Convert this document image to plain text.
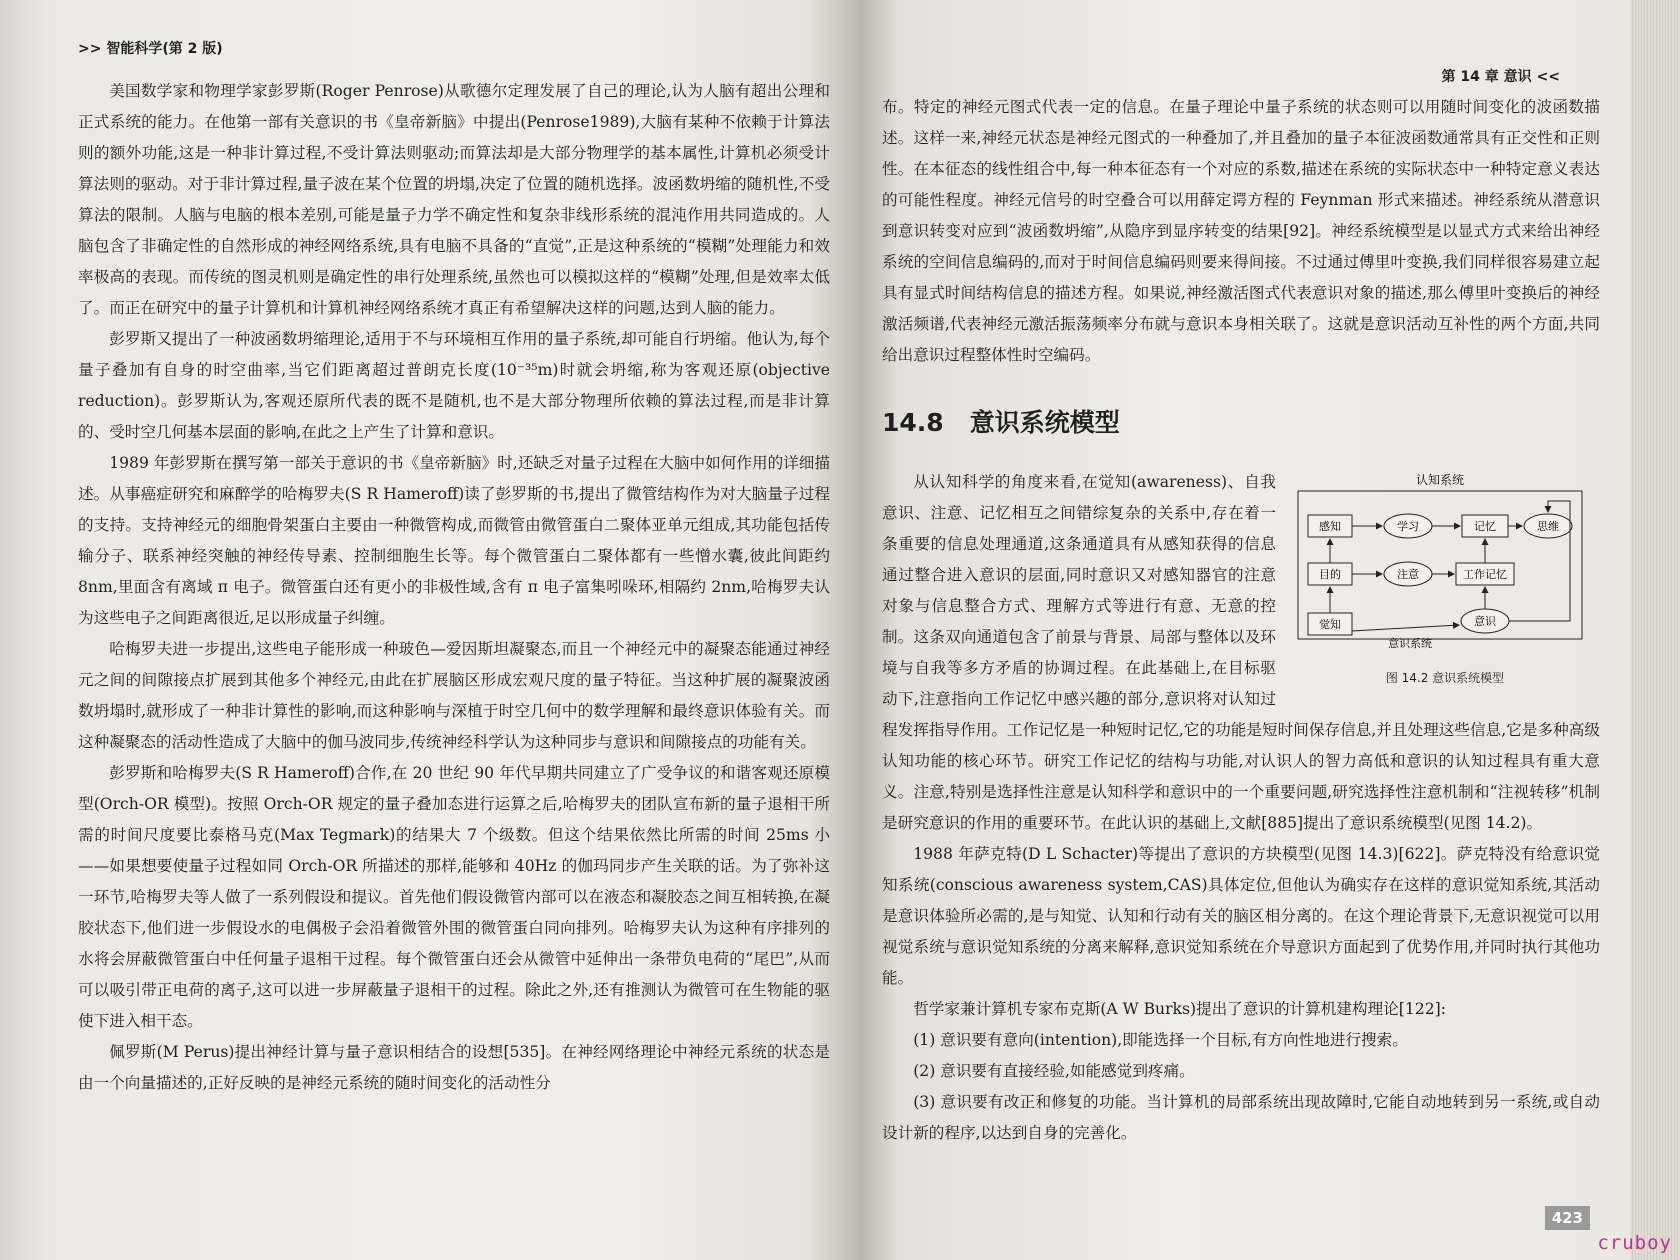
>> 智能科学(第 2 版)

美国数学家和物理学家彭罗斯(Roger Penrose)从歌德尔定理发展了自己的理论,认为人脑有超出公理和正式系统的能力。在他第一部有关意识的书《皇帝新脑》中提出(Penrose1989),大脑有某种不依赖于计算法则的额外功能,这是一种非计算过程,不受计算法则驱动;而算法却是大部分物理学的基本属性,计算机必须受计算法则的驱动。对于非计算过程,量子波在某个位置的坍塌,决定了位置的随机选择。波函数坍缩的随机性,不受算法的限制。人脑与电脑的根本差别,可能是量子力学不确定性和复杂非线形系统的混沌作用共同造成的。人脑包含了非确定性的自然形成的神经网络系统,具有电脑不具备的“直觉”,正是这种系统的“模糊”处理能力和效率极高的表现。而传统的图灵机则是确定性的串行处理系统,虽然也可以模拟这样的“模糊”处理,但是效率太低了。而正在研究中的量子计算机和计算机神经网络系统才真正有希望解决这样的问题,达到人脑的能力。

彭罗斯又提出了一种波函数坍缩理论,适用于不与环境相互作用的量子系统,却可能自行坍缩。他认为,每个量子叠加有自身的时空曲率,当它们距离超过普朗克长度(10⁻³⁵m)时就会坍缩,称为客观还原(objective reduction)。彭罗斯认为,客观还原所代表的既不是随机,也不是大部分物理所依赖的算法过程,而是非计算的、受时空几何基本层面的影响,在此之上产生了计算和意识。

1989 年彭罗斯在撰写第一部关于意识的书《皇帝新脑》时,还缺乏对量子过程在大脑中如何作用的详细描述。从事癌症研究和麻醉学的哈梅罗夫(S R Hameroff)读了彭罗斯的书,提出了微管结构作为对大脑量子过程的支持。支持神经元的细胞骨架蛋白主要由一种微管构成,而微管由微管蛋白二聚体亚单元组成,其功能包括传输分子、联系神经突触的神经传导素、控制细胞生长等。每个微管蛋白二聚体都有一些憎水囊,彼此间距约 8nm,里面含有离域 π 电子。微管蛋白还有更小的非极性域,含有 π 电子富集吲哚环,相隔约 2nm,哈梅罗夫认为这些电子之间距离很近,足以形成量子纠缠。

哈梅罗夫进一步提出,这些电子能形成一种玻色—爱因斯坦凝聚态,而且一个神经元中的凝聚态能通过神经元之间的间隙接点扩展到其他多个神经元,由此在扩展脑区形成宏观尺度的量子特征。当这种扩展的凝聚波函数坍塌时,就形成了一种非计算性的影响,而这种影响与深植于时空几何中的数学理解和最终意识体验有关。而这种凝聚态的活动性造成了大脑中的伽马波同步,传统神经科学认为这种同步与意识和间隙接点的功能有关。

彭罗斯和哈梅罗夫(S R Hameroff)合作,在 20 世纪 90 年代早期共同建立了广受争议的和谐客观还原模型(Orch-OR 模型)。按照 Orch-OR 规定的量子叠加态进行运算之后,哈梅罗夫的团队宣布新的量子退相干所需的时间尺度要比泰格马克(Max Tegmark)的结果大 7 个级数。但这个结果依然比所需的时间 25ms 小——如果想要使量子过程如同 Orch-OR 所描述的那样,能够和 40Hz 的伽玛同步产生关联的话。为了弥补这一环节,哈梅罗夫等人做了一系列假设和提议。首先他们假设微管内部可以在液态和凝胶态之间互相转换,在凝胶状态下,他们进一步假设水的电偶极子会沿着微管外围的微管蛋白同向排列。哈梅罗夫认为这种有序排列的水将会屏蔽微管蛋白中任何量子退相干过程。每个微管蛋白还会从微管中延伸出一条带负电荷的“尾巴”,从而可以吸引带正电荷的离子,这可以进一步屏蔽量子退相干的过程。除此之外,还有推测认为微管可在生物能的驱使下进入相干态。

佩罗斯(M Perus)提出神经计算与量子意识相结合的设想[535]。在神经网络理论中神经元系统的状态是由一个向量描述的,正好反映的是神经元系统的随时间变化的活动性分

第 14 章 意识 <<

布。特定的神经元图式代表一定的信息。在量子理论中量子系统的状态则可以用随时间变化的波函数描述。这样一来,神经元状态是神经元图式的一种叠加了,并且叠加的量子本征波函数通常具有正交性和正则性。在本征态的线性组合中,每一种本征态有一个对应的系数,描述在系统的实际状态中一种特定意义表达的可能性程度。神经元信号的时空叠合可以用薛定谔方程的 Feynman 形式来描述。神经系统从潜意识到意识转变对应到“波函数坍缩”,从隐序到显序转变的结果[92]。神经系统模型是以显式方式来给出神经系统的空间信息编码的,而对于时间信息编码则要来得间接。不过通过傅里叶变换,我们同样很容易建立起具有显式时间结构信息的描述方程。如果说,神经激活图式代表意识对象的描述,那么傅里叶变换后的神经激活频谱,代表神经元激活振荡频率分布就与意识本身相关联了。这就是意识活动互补性的两个方面,共同给出意识过程整体性时空编码。

14.8 意识系统模型
认知系统
感知	学习	记忆	思维
目的	注意	工作记忆
觉知
意识系统
意识
图 14.2 意识系统模型

从认知科学的角度来看,在觉知(awareness)、自我意识、注意、记忆相互之间错综复杂的关系中,存在着一条重要的信息处理通道,这条通道具有从感知获得的信息通过整合进入意识的层面,同时意识又对感知器官的注意对象与信息整合方式、理解方式等进行有意、无意的控制。这条双向通道包含了前景与背景、局部与整体以及环境与自我等多方矛盾的协调过程。在此基础上,在目标驱动下,注意指向工作记忆中感兴趣的部分,意识将对认知过程发挥指导作用。工作记忆是一种短时记忆,它的功能是短时间保存信息,并且处理这些信息,它是多种高级认知功能的核心环节。研究工作记忆的结构与功能,对认识人的智力高低和意识的认知过程具有重大意义。注意,特别是选择性注意是认知科学和意识中的一个重要问题,研究选择性注意机制和“注视转移”机制是研究意识的作用的重要环节。在此认识的基础上,文献[885]提出了意识系统模型(见图 14.2)。

1988 年萨克特(D L Schacter)等提出了意识的方块模型(见图 14.3)[622]。萨克特没有给意识觉知系统(conscious awareness system,CAS)具体定位,但他认为确实存在这样的意识觉知系统,其活动是意识体验所必需的,是与知觉、认知和行动有关的脑区相分离的。在这个理论背景下,无意识视觉可以用视觉系统与意识觉知系统的分离来解释,意识觉知系统在介导意识方面起到了优势作用,并同时执行其他功能。

哲学家兼计算机专家布克斯(A W Burks)提出了意识的计算机建构理论[122]:

(1) 意识要有意向(intention),即能选择一个目标,有方向性地进行搜索。

(2) 意识要有直接经验,如能感觉到疼痛。

(3) 意识要有改正和修复的功能。当计算机的局部系统出现故障时,它能自动地转到另一系统,或自动设计新的程序,以达到自身的完善化。

423
cruboy
